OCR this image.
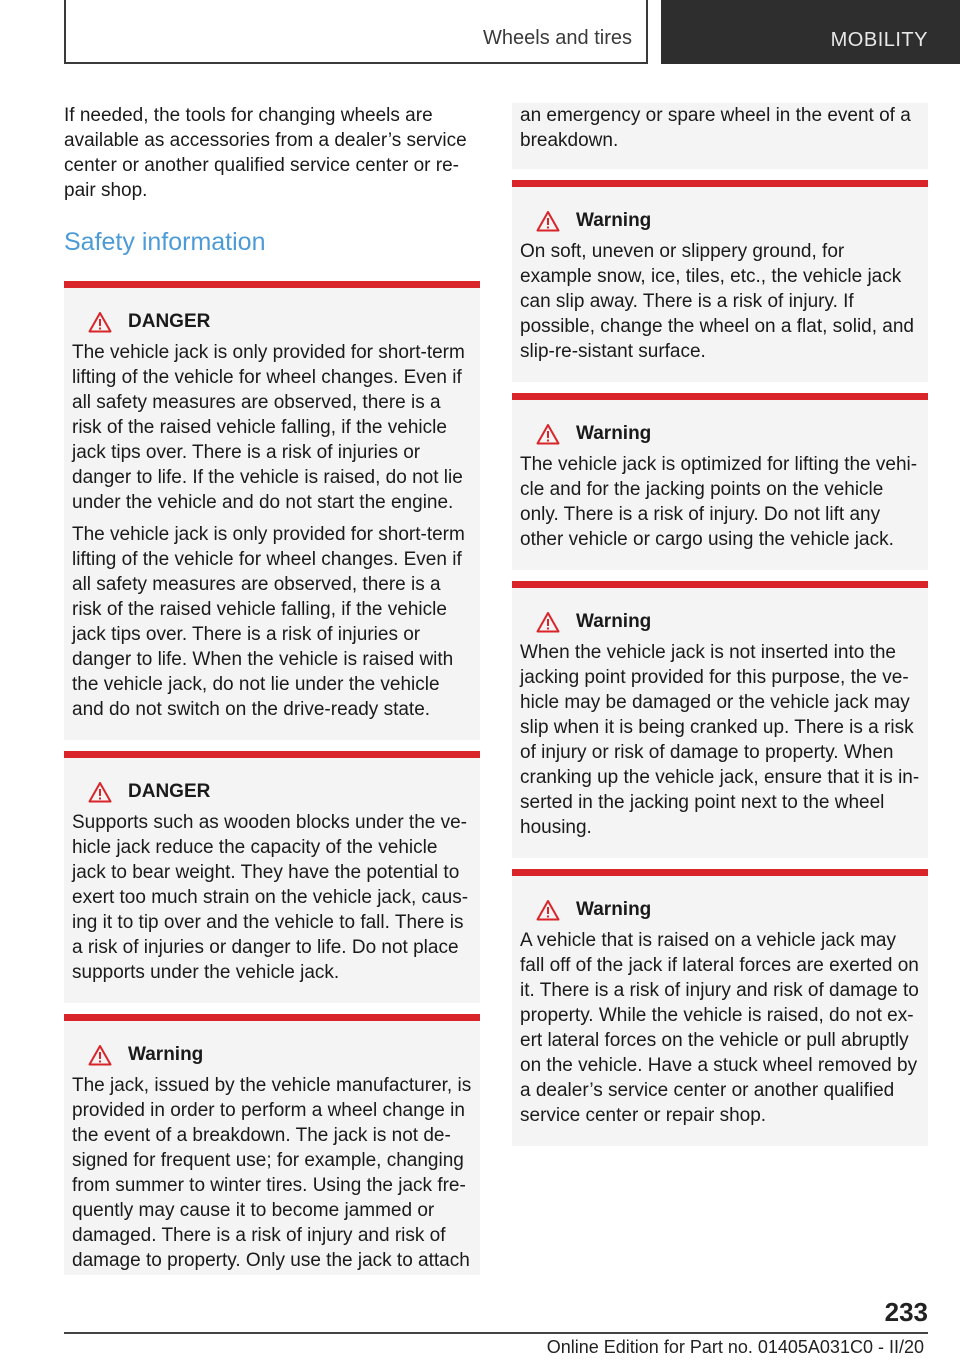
Wheels and tires	MOBILITY

If needed, the tools for changing wheels are available as accessories from a dealer’s service center or another qualified service center or re-pair shop.

Safety information
DANGER

The vehicle jack is only provided for short-term lifting of the vehicle for wheel changes. Even if all safety measures are observed, there is a risk of the raised vehicle falling, if the vehicle jack tips over. There is a risk of injuries or danger to life. If the vehicle is raised, do not lie under the vehicle and do not start the engine.

The vehicle jack is only provided for short-term lifting of the vehicle for wheel changes. Even if all safety measures are observed, there is a risk of the raised vehicle falling, if the vehicle jack tips over. There is a risk of injuries or danger to life. When the vehicle is raised with the vehicle jack, do not lie under the vehicle and do not switch on the drive-ready state.

DANGER

Supports such as wooden blocks under the ve-hicle jack reduce the capacity of the vehicle jack to bear weight. They have the potential to exert too much strain on the vehicle jack, caus-ing it to tip over and the vehicle to fall. There is a risk of injuries or danger to life. Do not place supports under the vehicle jack.

Warning

The jack, issued by the vehicle manufacturer, is provided in order to perform a wheel change in the event of a breakdown. The jack is not de-signed for frequent use; for example, changing from summer to winter tires. Using the jack fre-quently may cause it to become jammed or damaged. There is a risk of injury and risk of damage to property. Only use the jack to attach

an emergency or spare wheel in the event of a breakdown.

Warning

On soft, uneven or slippery ground, for example snow, ice, tiles, etc., the vehicle jack can slip away. There is a risk of injury. If possible, change the wheel on a flat, solid, and slip-re-sistant surface.

Warning

The vehicle jack is optimized for lifting the vehi-cle and for the jacking points on the vehicle only. There is a risk of injury. Do not lift any other vehicle or cargo using the vehicle jack.

Warning

When the vehicle jack is not inserted into the jacking point provided for this purpose, the ve-hicle may be damaged or the vehicle jack may slip when it is being cranked up. There is a risk of injury or risk of damage to property. When cranking up the vehicle jack, ensure that it is in-serted in the jacking point next to the wheel housing.

Warning

A vehicle that is raised on a vehicle jack may fall off of the jack if lateral forces are exerted on it. There is a risk of injury and risk of damage to property. While the vehicle is raised, do not ex-ert lateral forces on the vehicle or pull abruptly on the vehicle. Have a stuck wheel removed by a dealer’s service center or another qualified service center or repair shop.

233
Online Edition for Part no. 01405A031C0 - II/20
